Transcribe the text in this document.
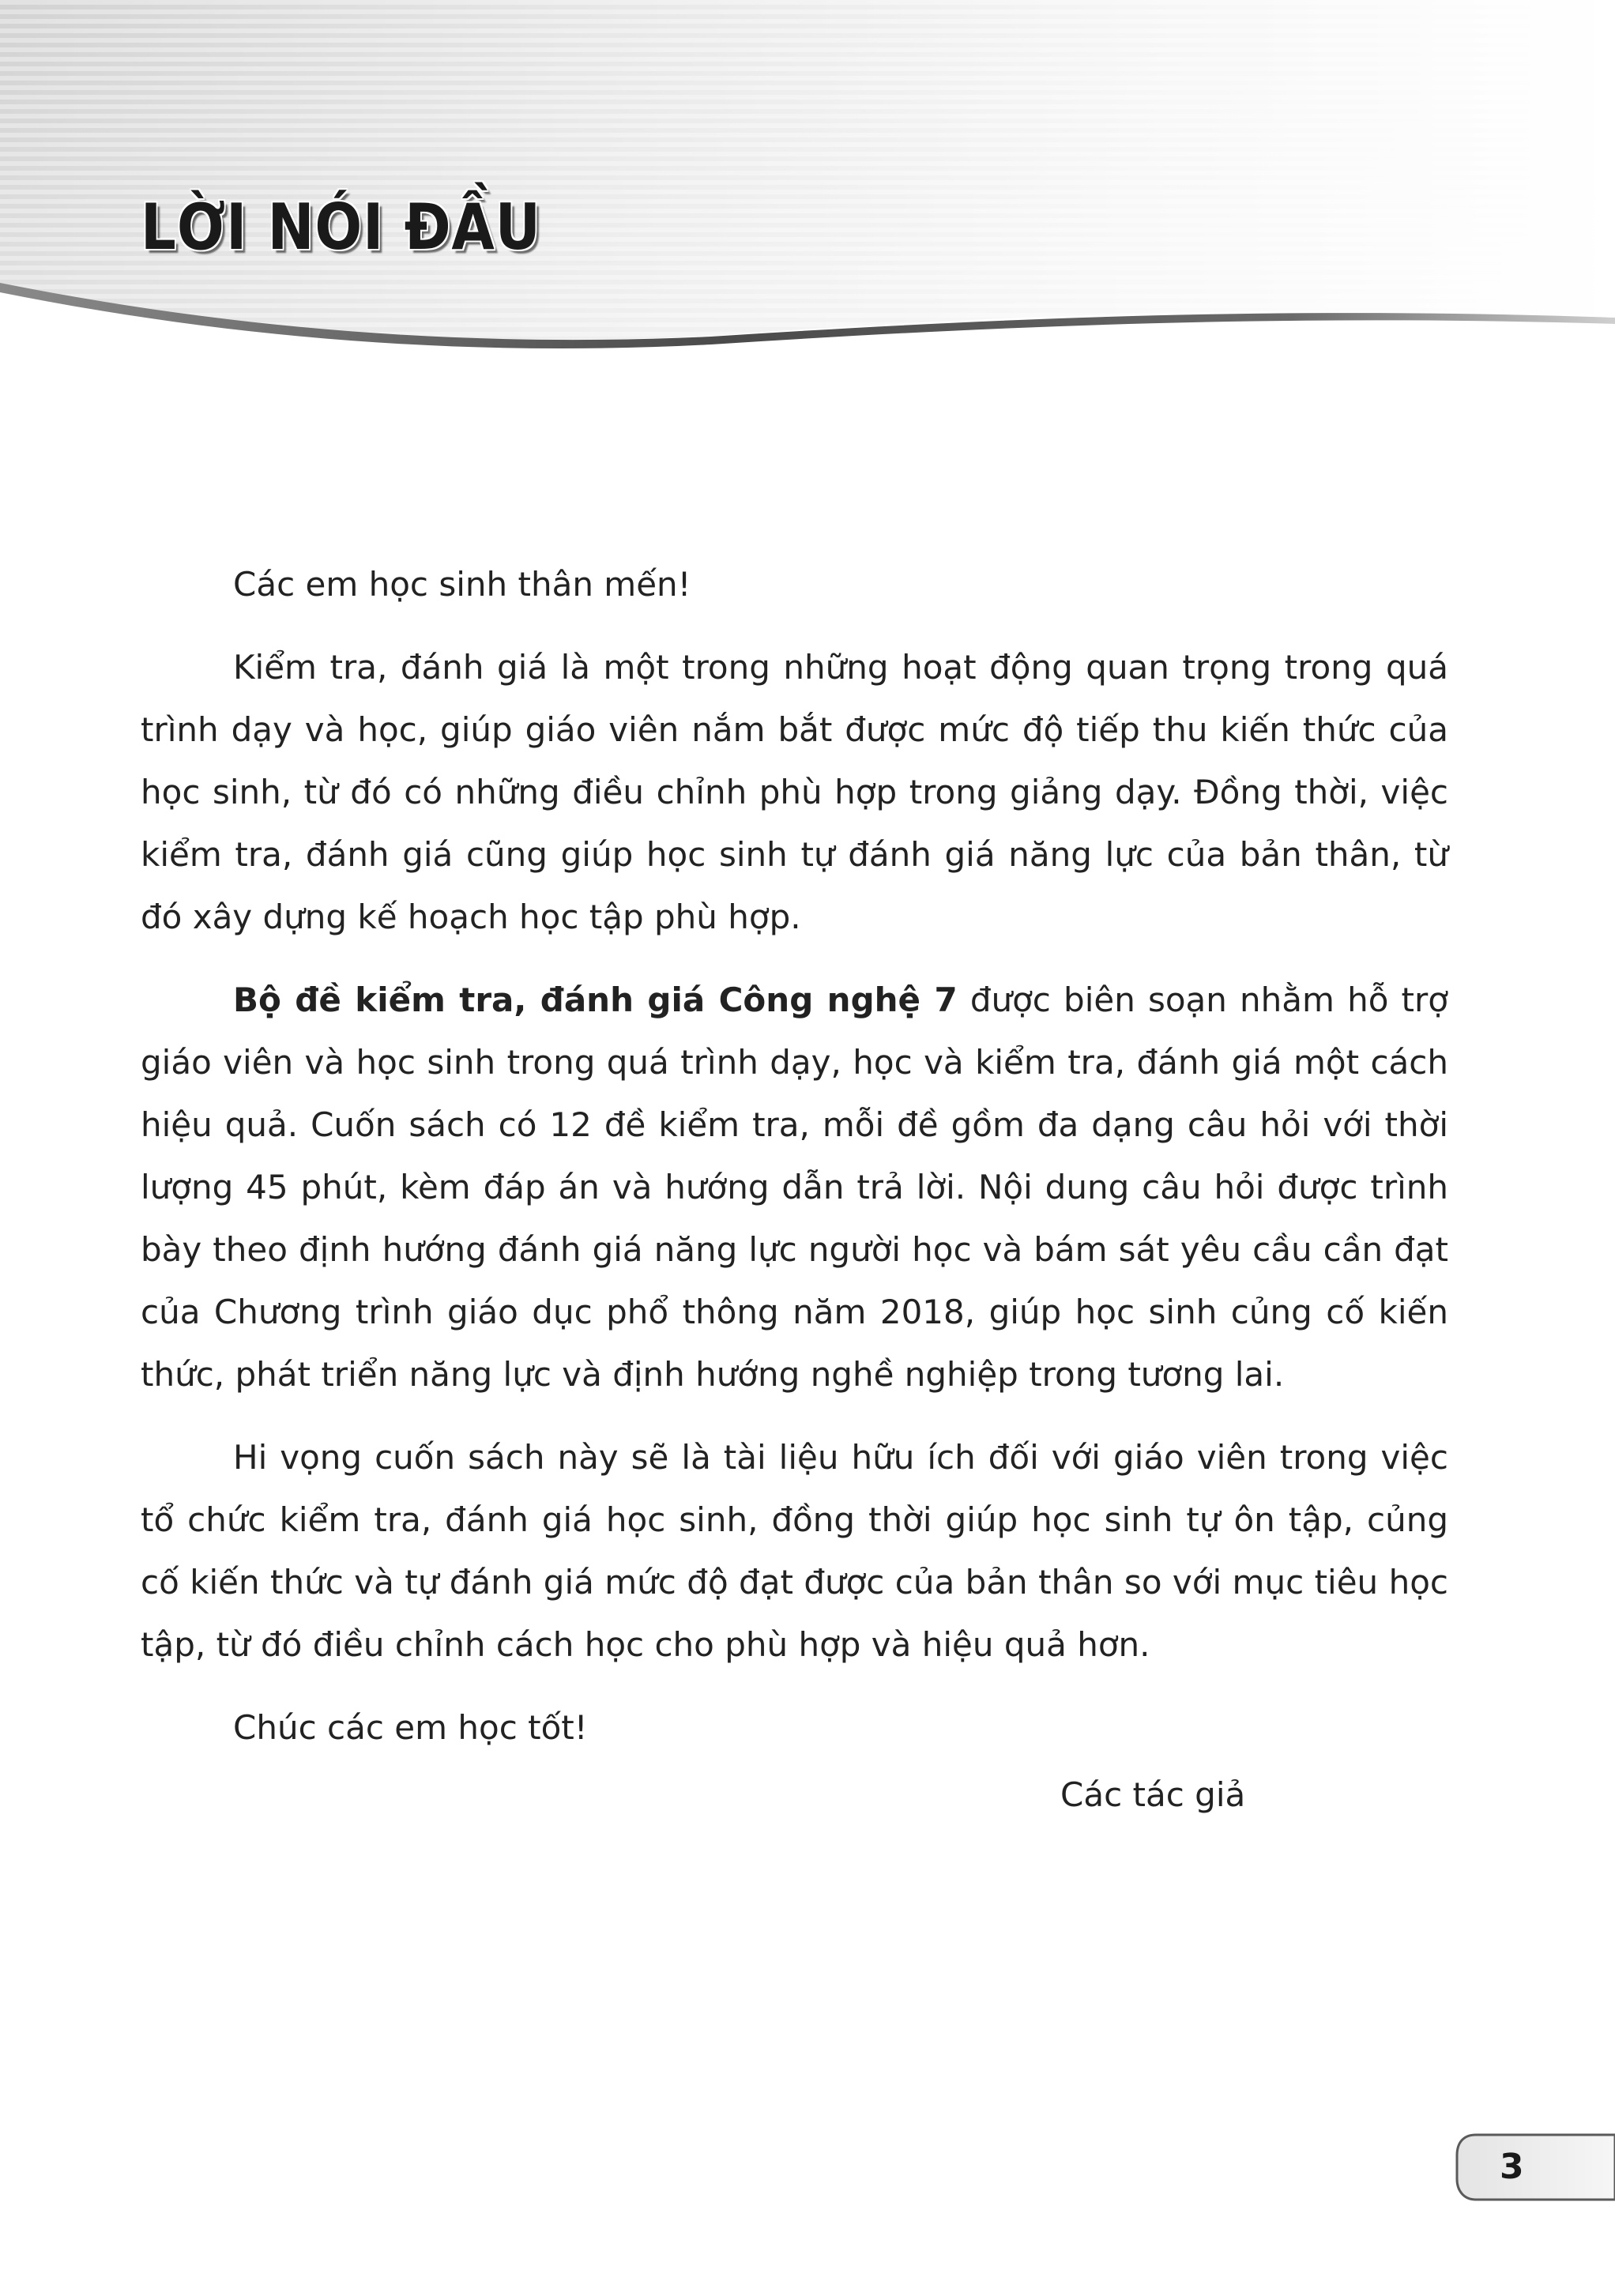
LỜI NÓI ĐẦU

Các em học sinh thân mến!

Kiểm tra, đánh giá là một trong những hoạt động quan trọng trong quá trình dạy và học, giúp giáo viên nắm bắt được mức độ tiếp thu kiến thức của học sinh, từ đó có những điều chỉnh phù hợp trong giảng dạy. Đồng thời, việc kiểm tra, đánh giá cũng giúp học sinh tự đánh giá năng lực của bản thân, từ đó xây dựng kế hoạch học tập phù hợp.

Bộ đề kiểm tra, đánh giá Công nghệ 7 được biên soạn nhằm hỗ trợ giáo viên và học sinh trong quá trình dạy, học và kiểm tra, đánh giá một cách hiệu quả. Cuốn sách có 12 đề kiểm tra, mỗi đề gồm đa dạng câu hỏi với thời lượng 45 phút, kèm đáp án và hướng dẫn trả lời. Nội dung câu hỏi được trình bày theo định hướng đánh giá năng lực người học và bám sát yêu cầu cần đạt của Chương trình giáo dục phổ thông năm 2018, giúp học sinh củng cố kiến thức, phát triển năng lực và định hướng nghề nghiệp trong tương lai.

Hi vọng cuốn sách này sẽ là tài liệu hữu ích đối với giáo viên trong việc tổ chức kiểm tra, đánh giá học sinh, đồng thời giúp học sinh tự ôn tập, củng cố kiến thức và tự đánh giá mức độ đạt được của bản thân so với mục tiêu học tập, từ đó điều chỉnh cách học cho phù hợp và hiệu quả hơn.

Chúc các em học tốt!

Các tác giả
3
